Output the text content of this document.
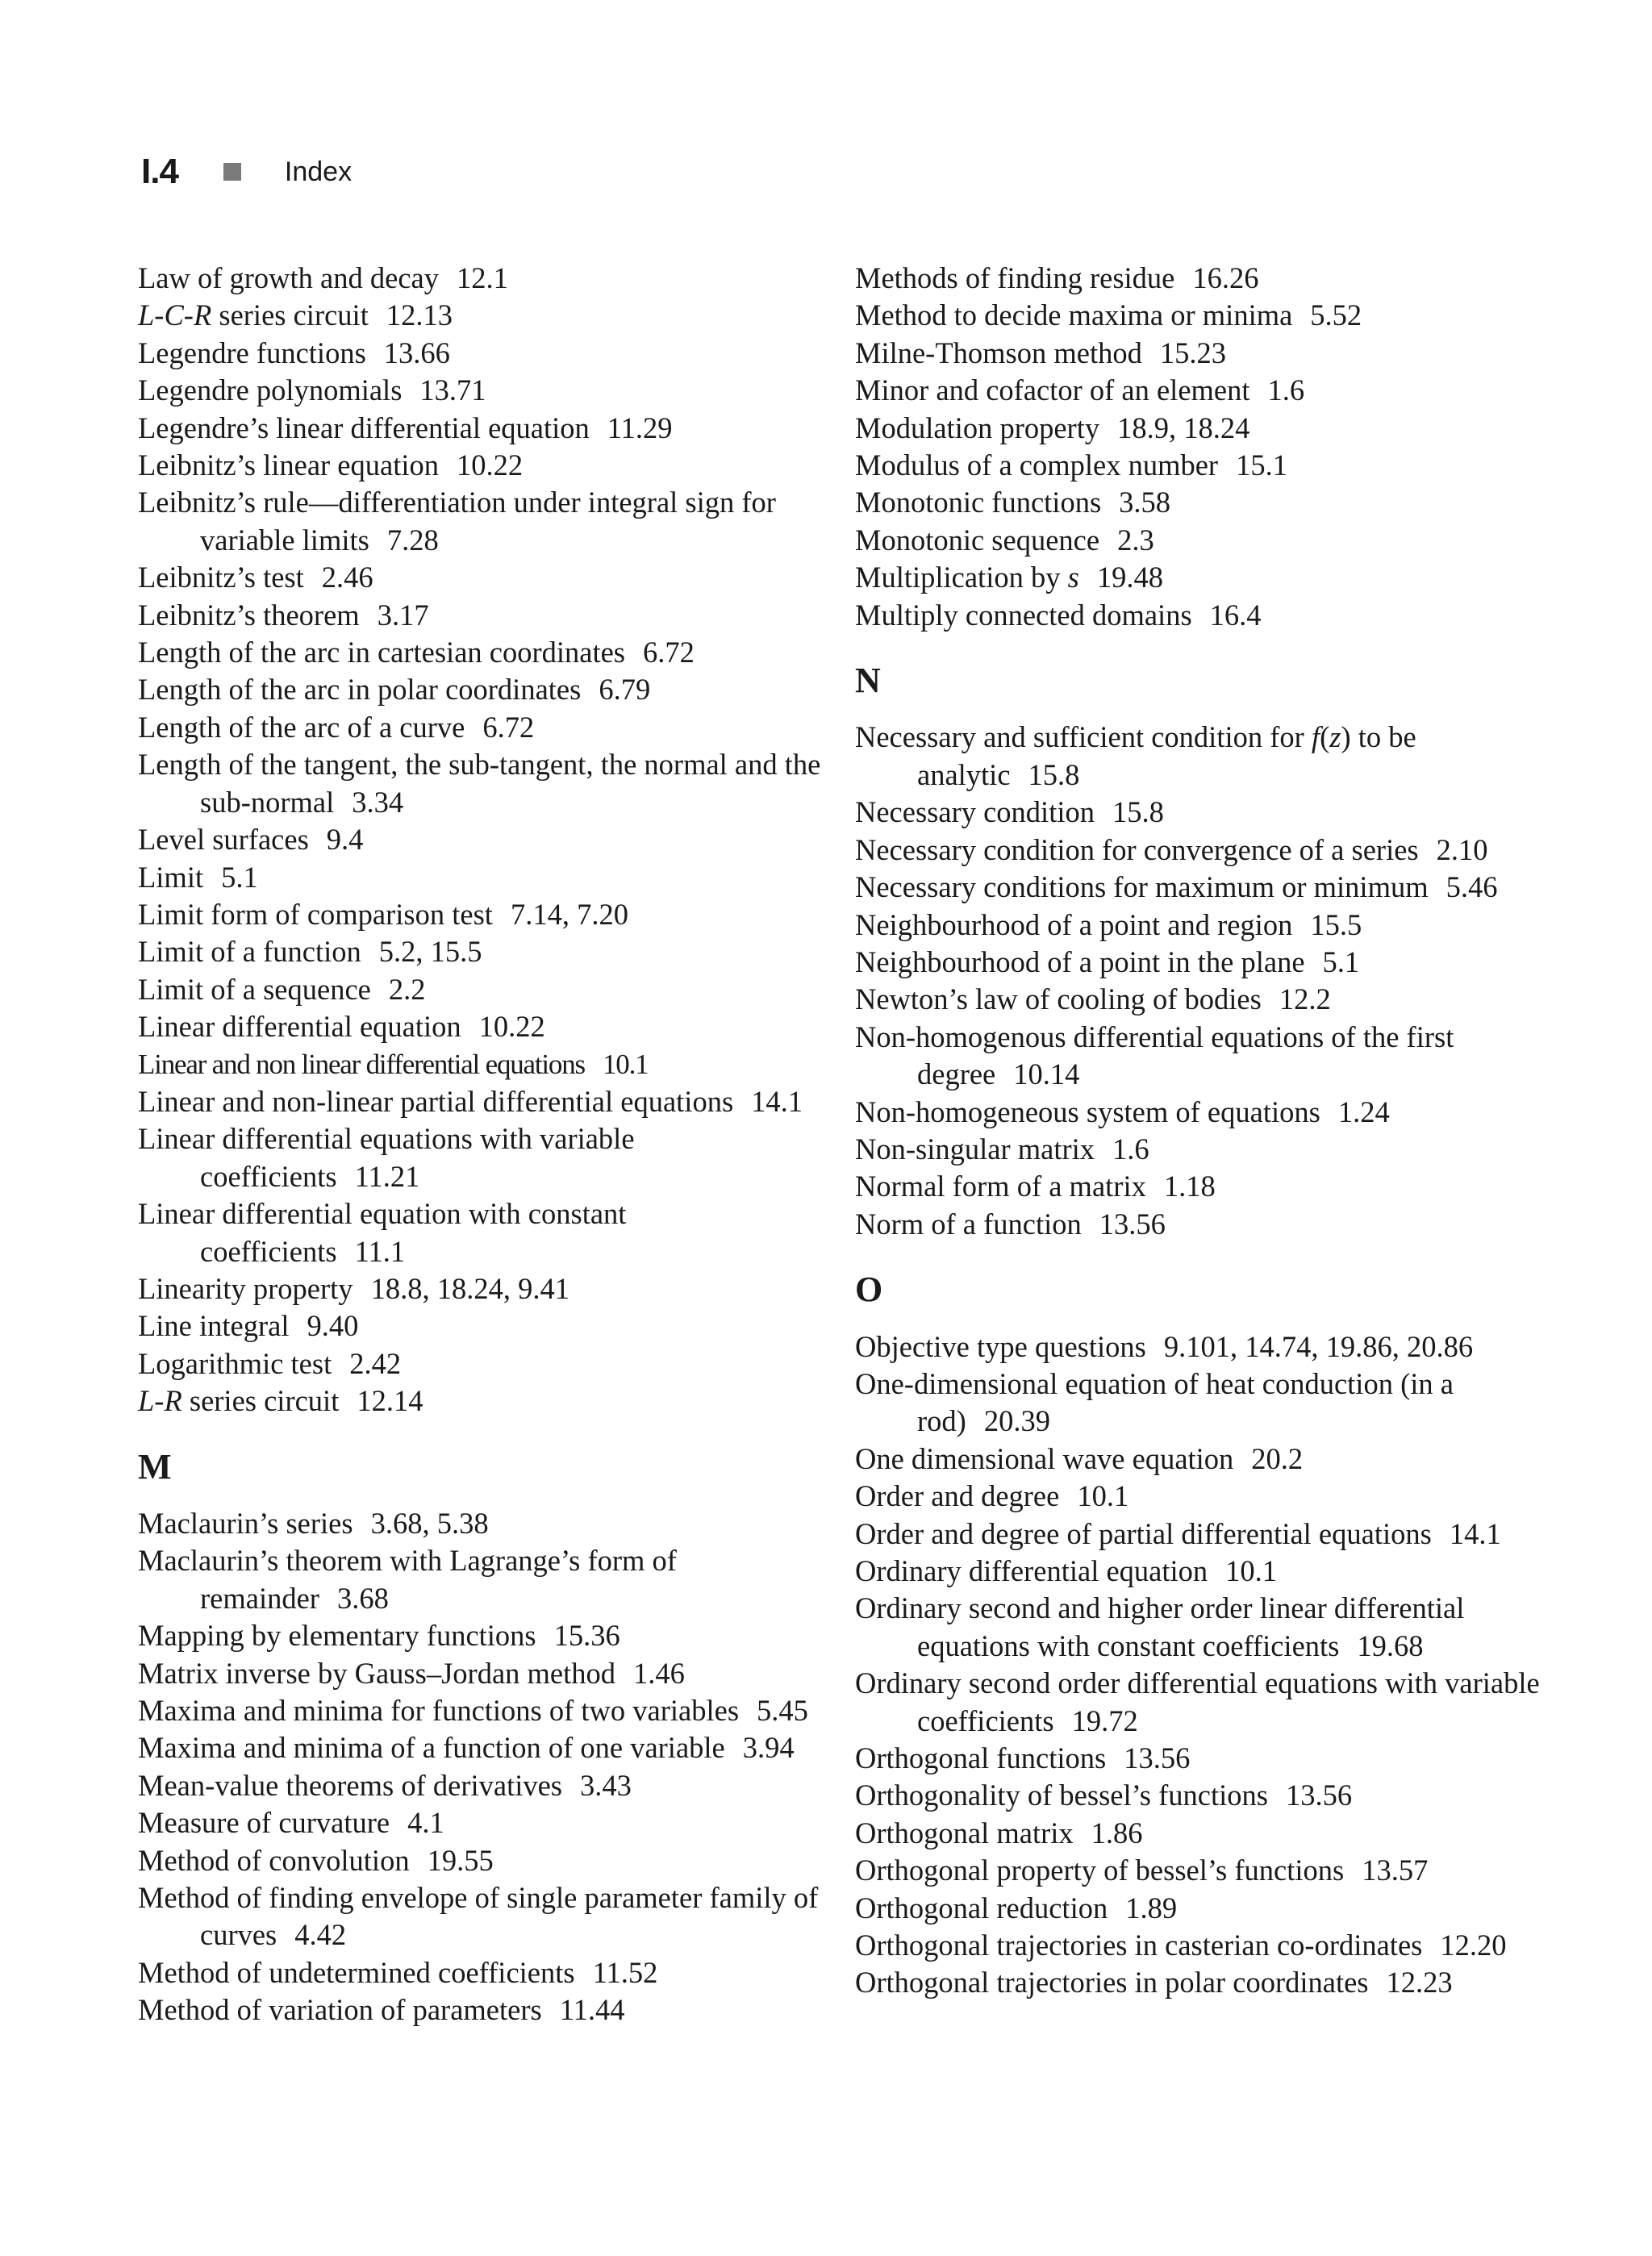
I.4	Index
Law of growth and decay 12.1
L-C-R series circuit 12.13
Legendre functions 13.66
Legendre polynomials 13.71
Legendre’s linear differential equation 11.29
Leibnitz’s linear equation 10.22
Leibnitz’s rule—differentiation under integral sign for variable limits 7.28
Leibnitz’s test 2.46
Leibnitz’s theorem 3.17
Length of the arc in cartesian coordinates 6.72
Length of the arc in polar coordinates 6.79
Length of the arc of a curve 6.72
Length of the tangent, the sub-tangent, the normal and the sub-normal 3.34
Level surfaces 9.4
Limit 5.1
Limit form of comparison test 7.14, 7.20
Limit of a function 5.2, 15.5
Limit of a sequence 2.2
Linear differential equation 10.22
Linear and non linear differential equations 10.1
Linear and non-linear partial differential equations 14.1
Linear differential equations with variable coefficients 11.21
Linear differential equation with constant coefficients 11.1
Linearity property 18.8, 18.24, 9.41
Line integral 9.40
Logarithmic test 2.42
L-R series circuit 12.14
M
Maclaurin’s series 3.68, 5.38
Maclaurin’s theorem with Lagrange’s form of remainder 3.68
Mapping by elementary functions 15.36
Matrix inverse by Gauss–Jordan method 1.46
Maxima and minima for functions of two variables 5.45
Maxima and minima of a function of one variable 3.94
Mean-value theorems of derivatives 3.43
Measure of curvature 4.1
Method of convolution 19.55
Method of finding envelope of single parameter family of curves 4.42
Method of undetermined coefficients 11.52
Method of variation of parameters 11.44
Methods of finding residue 16.26
Method to decide maxima or minima 5.52
Milne-Thomson method 15.23
Minor and cofactor of an element 1.6
Modulation property 18.9, 18.24
Modulus of a complex number 15.1
Monotonic functions 3.58
Monotonic sequence 2.3
Multiplication by s 19.48
Multiply connected domains 16.4
N
Necessary and sufficient condition for f(z) to be analytic 15.8
Necessary condition 15.8
Necessary condition for convergence of a series 2.10
Necessary conditions for maximum or minimum 5.46
Neighbourhood of a point and region 15.5
Neighbourhood of a point in the plane 5.1
Newton’s law of cooling of bodies 12.2
Non-homogenous differential equations of the first degree 10.14
Non-homogeneous system of equations 1.24
Non-singular matrix 1.6
Normal form of a matrix 1.18
Norm of a function 13.56
O
Objective type questions 9.101, 14.74, 19.86, 20.86
One-dimensional equation of heat conduction (in a rod) 20.39
One dimensional wave equation 20.2
Order and degree 10.1
Order and degree of partial differential equations 14.1
Ordinary differential equation 10.1
Ordinary second and higher order linear differential equations with constant coefficients 19.68
Ordinary second order differential equations with variable coefficients 19.72
Orthogonal functions 13.56
Orthogonality of bessel’s functions 13.56
Orthogonal matrix 1.86
Orthogonal property of bessel’s functions 13.57
Orthogonal reduction 1.89
Orthogonal trajectories in casterian co-ordinates 12.20
Orthogonal trajectories in polar coordinates 12.23
